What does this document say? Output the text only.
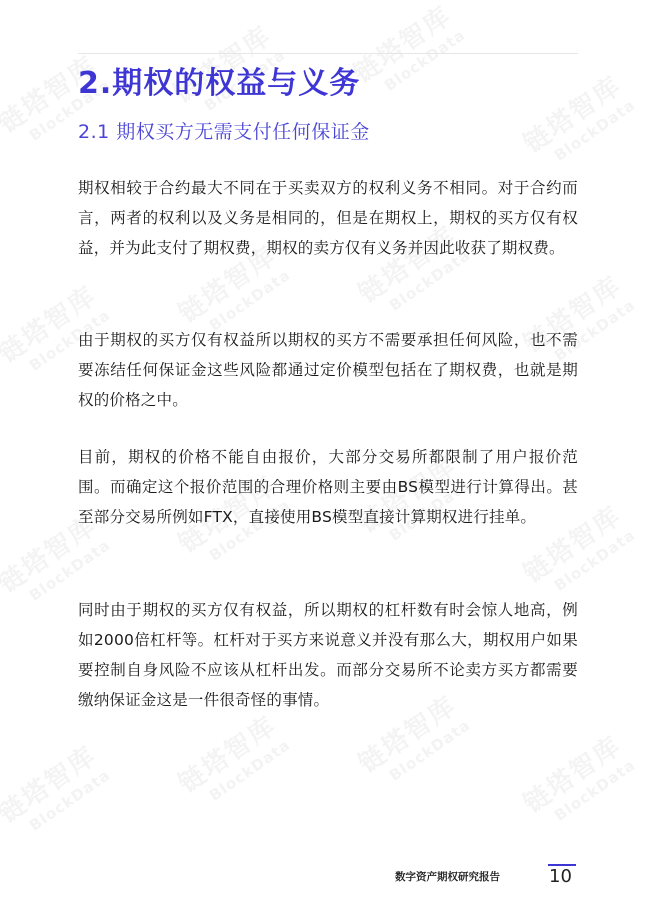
2.期权的权益与义务
2.1 期权买方无需支付任何保证金

期权相较于合约最大不同在于买卖双方的权利义务不相同。对于合约而言，两者的权利以及义务是相同的，但是在期权上，期权的买方仅有权益，并为此支付了期权费，期权的卖方仅有义务并因此收获了期权费。

由于期权的买方仅有权益所以期权的买方不需要承担任何风险，也不需要冻结任何保证金这些风险都通过定价模型包括在了期权费，也就是期权的价格之中。

目前，期权的价格不能自由报价，大部分交易所都限制了用户报价范围。而确定这个报价范围的合理价格则主要由BS模型进行计算得出。甚至部分交易所例如FTX，直接使用BS模型直接计算期权进行挂单。

同时由于期权的买方仅有权益，所以期权的杠杆数有时会惊人地高，例如2000倍杠杆等。杠杆对于买方来说意义并没有那么大，期权用户如果要控制自身风险不应该从杠杆出发。而部分交易所不论卖方买方都需要缴纳保证金这是一件很奇怪的事情。

数字资产期权研究报告	10
